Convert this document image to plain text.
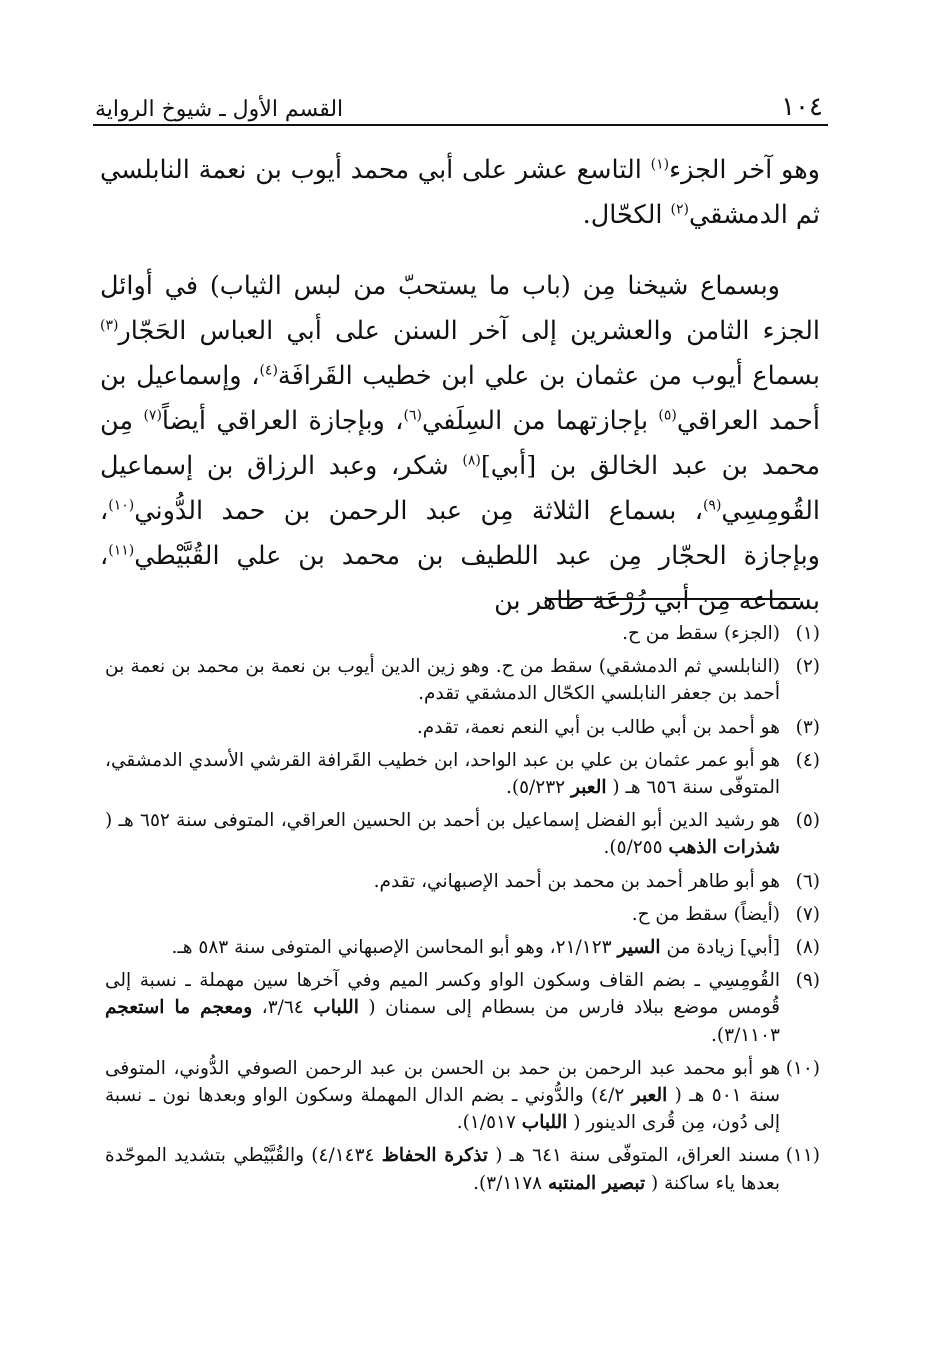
١٠٤
القسم الأول ـ شيوخ الرواية

وهو آخر الجزء$^{(١)}$ التاسع عشر على أبي محمد أيوب بن نعمة النابلسي ثم الدمشقي$^{(٢)}$ الكحّال.

وبسماع شيخنا مِن (باب ما يستحبّ من لبس الثياب) في أوائل الجزء الثامن والعشرين إلى آخر السنن على أبي العباس الحَجّار$^{(٣)}$ بسماع أيوب من عثمان بن علي ابن خطيب القَرافَة$^{(٤)}$، وإسماعيل بن أحمد العراقي$^{(٥)}$ بإجازتهما من السِلَفي$^{(٦)}$، وبإجازة العراقي أيضاً$^{(٧)}$ مِن محمد بن عبد الخالق بن [أبي]$^{(٨)}$ شكر، وعبد الرزاق بن إسماعيل القُومِسِي$^{(٩)}$، بسماع الثلاثة مِن عبد الرحمن بن حمد الدُّوني$^{(١٠)}$، وبإجازة الحجّار مِن عبد اللطيف بن محمد بن علي القُبَّيْطي$^{(١١)}$، بسماعه مِن أبي زُرْعَة طاهر بن

(١)
(الجزء) سقط من ح.
(٢)
(النابلسي ثم الدمشقي) سقط من ح. وهو زين الدين أيوب بن نعمة بن محمد بن نعمة بن أحمد بن جعفر النابلسي الكحّال الدمشقي تقدم.
(٣)
هو أحمد بن أبي طالب بن أبي النعم نعمة، تقدم.
(٤)
هو أبو عمر عثمان بن علي بن عبد الواحد، ابن خطيب القَرافة القرشي الأسدي الدمشقي، المتوفّى سنة ٦٥٦ هـ ( العبر ٥/٢٣٢).
(٥)
هو رشيد الدين أبو الفضل إسماعيل بن أحمد بن الحسين العراقي، المتوفى سنة ٦٥٢ هـ ( شذرات الذهب ٥/٢٥٥).
(٦)
هو أبو طاهر أحمد بن محمد بن أحمد الإصبهاني، تقدم.
(٧)
(أيضاً) سقط من ح.
(٨)
[أبي] زيادة من السير ٢١/١٢٣، وهو أبو المحاسن الإصبهاني المتوفى سنة ٥٨٣ هـ.
(٩)
القُومِسِي ـ بضم القاف وسكون الواو وكسر الميم وفي آخرها سين مهملة ـ نسبة إلى قُومس موضع ببلاد فارس من بسطام إلى سمنان ( اللباب ٣/٦٤، ومعجم ما استعجم ٣/١١٠٣).
(١٠)
هو أبو محمد عبد الرحمن بن حمد بن الحسن بن عبد الرحمن الصوفي الدُّوني، المتوفى سنة ٥٠١ هـ ( العبر ٤/٢) والدُّوني ـ بضم الدال المهملة وسكون الواو وبعدها نون ـ نسبة إلى دُون، مِن قُرى الدينور ( اللباب ١/٥١٧).
(١١)
مسند العراق، المتوفّى سنة ٦٤١ هـ ( تذكرة الحفاظ ٤/١٤٣٤) والقُبَّيْطي بتشديد الموحّدة بعدها ياء ساكنة ( تبصير المنتبه ٣/١١٧٨).
